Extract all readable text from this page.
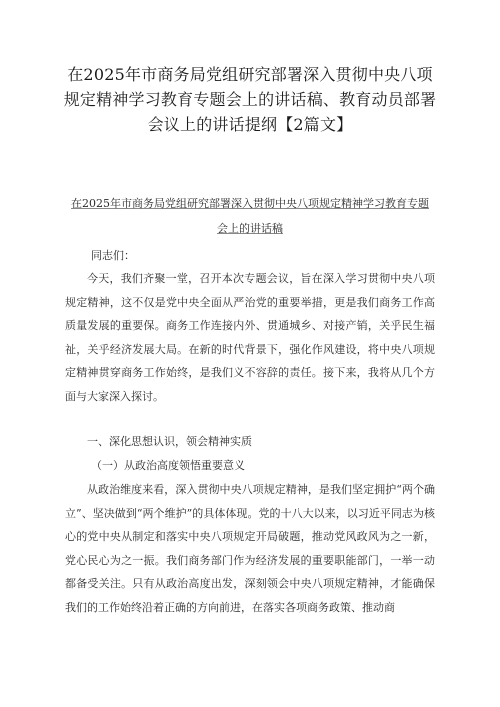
在2025年市商务局党组研究部署深入贯彻中央八项规定精神学习教育专题会上的讲话稿、教育动员部署会议上的讲话提纲【2篇文】
在2025年市商务局党组研究部署深入贯彻中央八项规定精神学习教育专题会上的讲话稿
同志们：
今天，我们齐聚一堂，召开本次专题会议，旨在深入学习贯彻中央八项规定精神，这不仅是党中央全面从严治党的重要举措，更是我们商务工作高质量发展的重要保。商务工作连接内外、贯通城乡、对接产销，关乎民生福祉，关乎经济发展大局。在新的时代背景下，强化作风建设，将中央八项规定精神贯穿商务工作始终，是我们义不容辞的责任。接下来，我将从几个方面与大家深入探讨。
一、深化思想认识，领会精神实质
（一）从政治高度领悟重要意义
从政治维度来看，深入贯彻中央八项规定精神，是我们坚定拥护“两个确立”、坚决做到“两个维护”的具体体现。党的十八大以来，以习近平同志为核心的党中央从制定和落实中央八项规定开局破题，推动党风政风为之一新，党心民心为之一振。我们商务部门作为经济发展的重要职能部门，一举一动都备受关注。只有从政治高度出发，深刻领会中央八项规定精神，才能确保我们的工作始终沿着正确的方向前进，在落实各项商务政策、推动商
